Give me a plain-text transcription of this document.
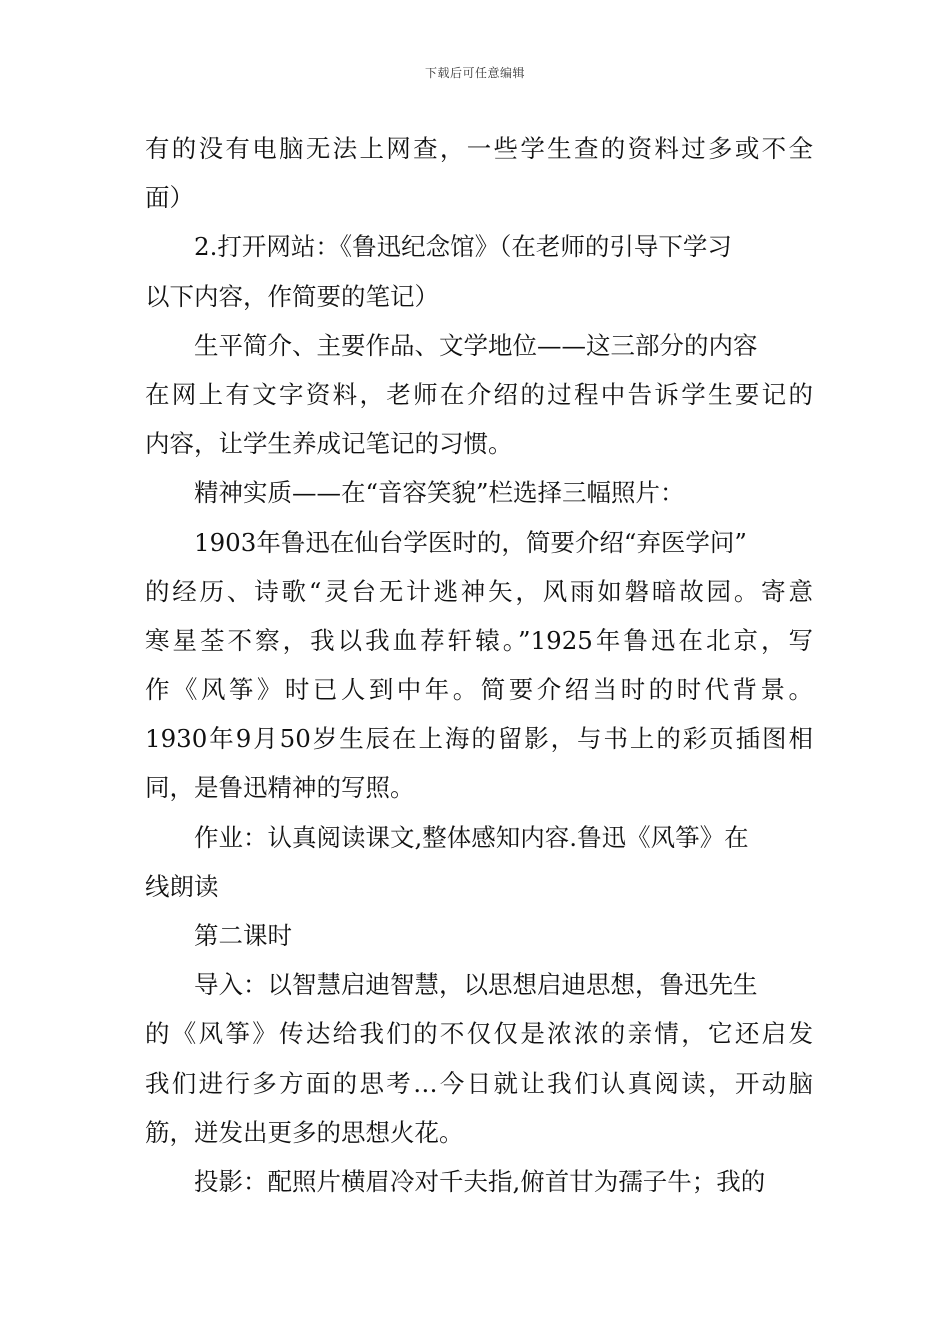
下载后可任意编辑
有的没有电脑无法上网查，一些学生查的资料过多或不全
面）
2.打开网站：《鲁迅纪念馆》（在老师的引导下学习
以下内容，作简要的笔记）
生平简介、主要作品、文学地位——这三部分的内容
在网上有文字资料，老师在介绍的过程中告诉学生要记的
内容，让学生养成记笔记的习惯。
精神实质——在“音容笑貌”栏选择三幅照片：
1903年鲁迅在仙台学医时的，简要介绍“弃医学问”
的经历、诗歌“灵台无计逃神矢，风雨如磐暗故园。寄意
寒星荃不察，我以我血荐轩辕。”1925年鲁迅在北京，写
作《风筝》时已人到中年。简要介绍当时的时代背景。
1930年9月50岁生辰在上海的留影，与书上的彩页插图相
同，是鲁迅精神的写照。
作业：认真阅读课文,整体感知内容.鲁迅《风筝》在
线朗读
第二课时
导入：以智慧启迪智慧，以思想启迪思想，鲁迅先生
的《风筝》传达给我们的不仅仅是浓浓的亲情，它还启发
我们进行多方面的思考…今日就让我们认真阅读，开动脑
筋，迸发出更多的思想火花。
投影：配照片横眉冷对千夫指,俯首甘为孺子牛；我的
